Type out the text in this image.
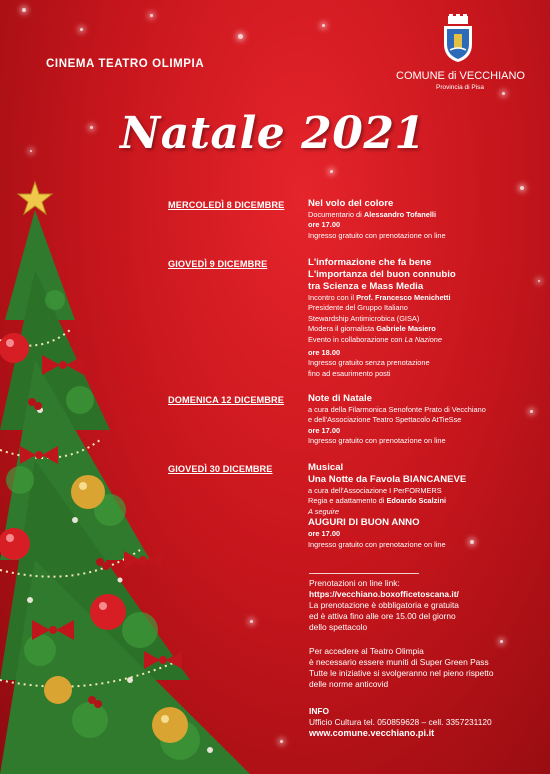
CINEMA TEATRO OLIMPIA
COMUNE di VECCHIANO
Provincia di Pisa
Natale 2021
MERCOLEDÌ 8 DICEMBRE	Nel volo del colore
Documentario di Alessandro Tofanelli
ore 17.00
Ingresso gratuito con prenotazione on line
GIOVEDÌ 9 DICEMBRE	L'informazione che fa bene
L'importanza del buon connubio
tra Scienza e Mass Media
Incontro con il Prof. Francesco Menichetti
Presidente del Gruppo Italiano
Stewardship Antimicrobica (GISA)
Modera il giornalista Gabriele Masiero
Evento in collaborazione con La Nazione
ore 18.00
Ingresso gratuito senza prenotazione
fino ad esaurimento posti
DOMENICA 12 DICEMBRE	Note di Natale
a cura della Filarmonica Senofonte Prato di Vecchiano
e dell'Associazione Teatro Spettacolo AtTieSse
ore 17.00
Ingresso gratuito con prenotazione on line
GIOVEDÌ 30 DICEMBRE	Musical
Una Notte da Favola BIANCANEVE
a cura dell'Associazione I PerFORMERS
Regia e adattamento di Edoardo Scalzini
A seguire
AUGURI DI BUON ANNO
ore 17.00
Ingresso gratuito con prenotazione on line
Prenotazioni on line link:
https://vecchiano.boxofficetoscana.it/
La prenotazione è obbligatoria e gratuita
ed è attiva fino alle ore 15.00 del giorno
dello spettacolo
Per accedere al Teatro Olimpia
è necessario essere muniti di Super Green Pass
Tutte le iniziative si svolgeranno nel pieno rispetto
delle norme anticovid
INFO
Ufficio Cultura tel. 050859628 – cell. 3357231120
www.comune.vecchiano.pi.it
